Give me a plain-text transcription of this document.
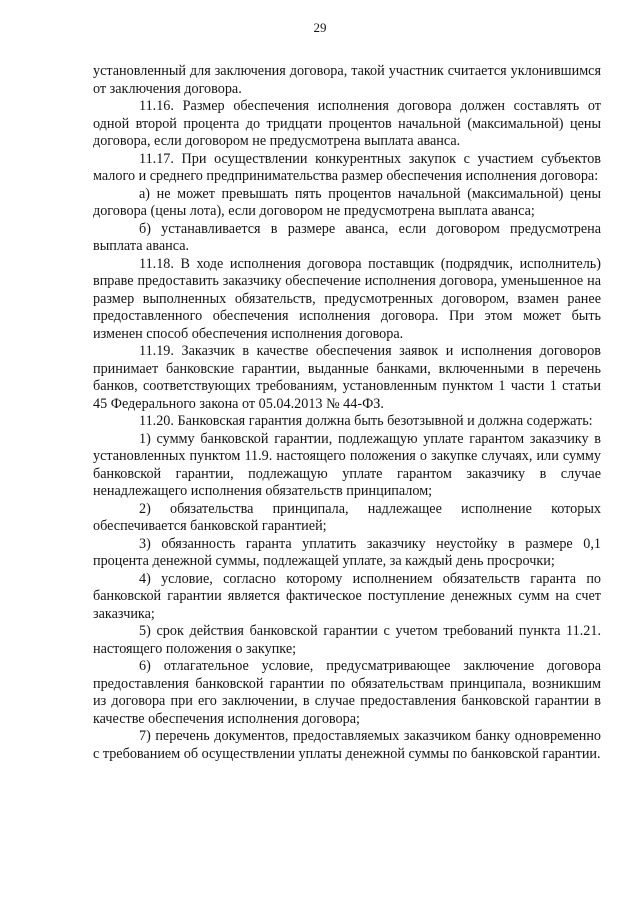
29

установленный для заключения договора, такой участник считается уклонившимся от заключения договора.

11.16. Размер обеспечения исполнения договора должен составлять от одной второй процента до тридцати процентов начальной (максимальной) цены договора, если договором не предусмотрена выплата аванса.

11.17. При осуществлении конкурентных закупок с участием субъектов малого и среднего предпринимательства размер обеспечения исполнения договора:

а) не может превышать пять процентов начальной (максимальной) цены договора (цены лота), если договором не предусмотрена выплата аванса;

б) устанавливается в размере аванса, если договором предусмотрена выплата аванса.

11.18. В ходе исполнения договора поставщик (подрядчик, исполнитель) вправе предоставить заказчику обеспечение исполнения договора, уменьшенное на размер выполненных обязательств, предусмотренных договором, взамен ранее предоставленного обеспечения исполнения договора. При этом может быть изменен способ обеспечения исполнения договора.

11.19. Заказчик в качестве обеспечения заявок и исполнения договоров принимает банковские гарантии, выданные банками, включенными в перечень банков, соответствующих требованиям, установленным пунктом 1 части 1 статьи 45 Федерального закона от 05.04.2013 № 44-ФЗ.

11.20. Банковская гарантия должна быть безотзывной и должна содержать:

1) сумму банковской гарантии, подлежащую уплате гарантом заказчику в установленных пунктом 11.9. настоящего положения о закупке случаях, или сумму банковской гарантии, подлежащую уплате гарантом заказчику в случае ненадлежащего исполнения обязательств принципалом;

2) обязательства принципала, надлежащее исполнение которых обеспечивается банковской гарантией;

3) обязанность гаранта уплатить заказчику неустойку в размере 0,1 процента денежной суммы, подлежащей уплате, за каждый день просрочки;

4) условие, согласно которому исполнением обязательств гаранта по банковской гарантии является фактическое поступление денежных сумм на счет заказчика;

5) срок действия банковской гарантии с учетом требований пункта 11.21. настоящего положения о закупке;

6) отлагательное условие, предусматривающее заключение договора предоставления банковской гарантии по обязательствам принципала, возникшим из договора при его заключении, в случае предоставления банковской гарантии в качестве обеспечения исполнения договора;

7) перечень документов, предоставляемых заказчиком банку одновременно с требованием об осуществлении уплаты денежной суммы по банковской гарантии.
